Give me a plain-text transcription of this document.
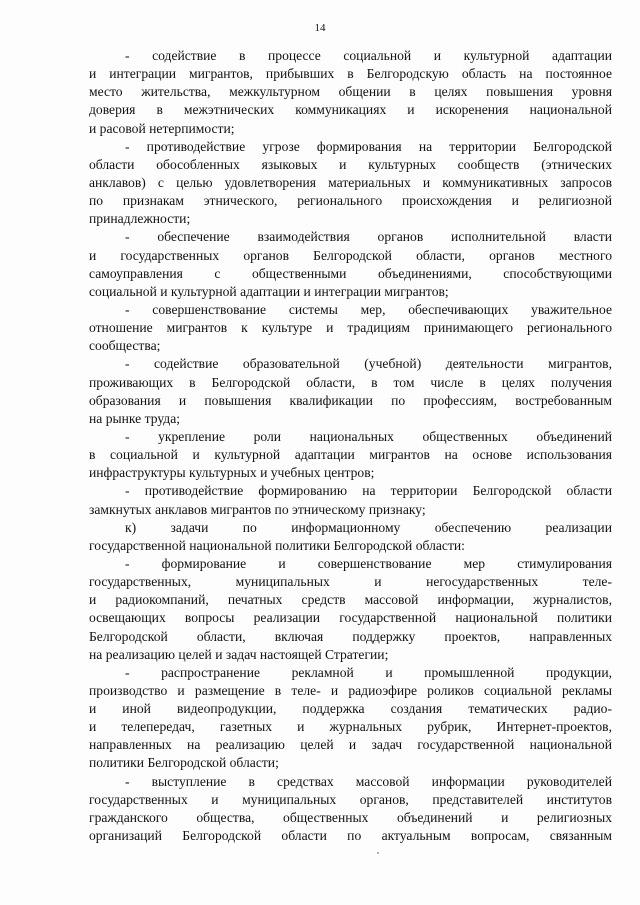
14
- содействие в процессе социальной и культурной адаптации
и интеграции мигрантов, прибывших в Белгородскую область на постоянное
место жительства, межкультурном общении в целях повышения уровня
доверия в межэтнических коммуникациях и искоренения национальной
и расовой нетерпимости;
- противодействие угрозе формирования на территории Белгородской
области обособленных языковых и культурных сообществ (этнических
анклавов) с целью удовлетворения материальных и коммуникативных запросов
по признакам этнического, регионального происхождения и религиозной
принадлежности;
- обеспечение взаимодействия органов исполнительной власти
и государственных органов Белгородской области, органов местного
самоуправления с общественными объединениями, способствующими
социальной и культурной адаптации и интеграции мигрантов;
- совершенствование системы мер, обеспечивающих уважительное
отношение мигрантов к культуре и традициям принимающего регионального
сообщества;
- содействие образовательной (учебной) деятельности мигрантов,
проживающих в Белгородской области, в том числе в целях получения
образования и повышения квалификации по профессиям, востребованным
на рынке труда;
- укрепление роли национальных общественных объединений
в социальной и культурной адаптации мигрантов на основе использования
инфраструктуры культурных и учебных центров;
- противодействие формированию на территории Белгородской области
замкнутых анклавов мигрантов по этническому признаку;
к) задачи по информационному обеспечению реализации
государственной национальной политики Белгородской области:
- формирование и совершенствование мер стимулирования
государственных, муниципальных и негосударственных теле-
и радиокомпаний, печатных средств массовой информации, журналистов,
освещающих вопросы реализации государственной национальной политики
Белгородской области, включая поддержку проектов, направленных
на реализацию целей и задач настоящей Стратегии;
- распространение рекламной и промышленной продукции,
производство и размещение в теле- и радиоэфире роликов социальной рекламы
и иной видеопродукции, поддержка создания тематических радио-
и телепередач, газетных и журнальных рубрик, Интернет-проектов,
направленных на реализацию целей и задач государственной национальной
политики Белгородской области;
- выступление в средствах массовой информации руководителей
государственных и муниципальных органов, представителей институтов
гражданского общества, общественных объединений и религиозных
организаций Белгородской области по актуальным вопросам, связанным
